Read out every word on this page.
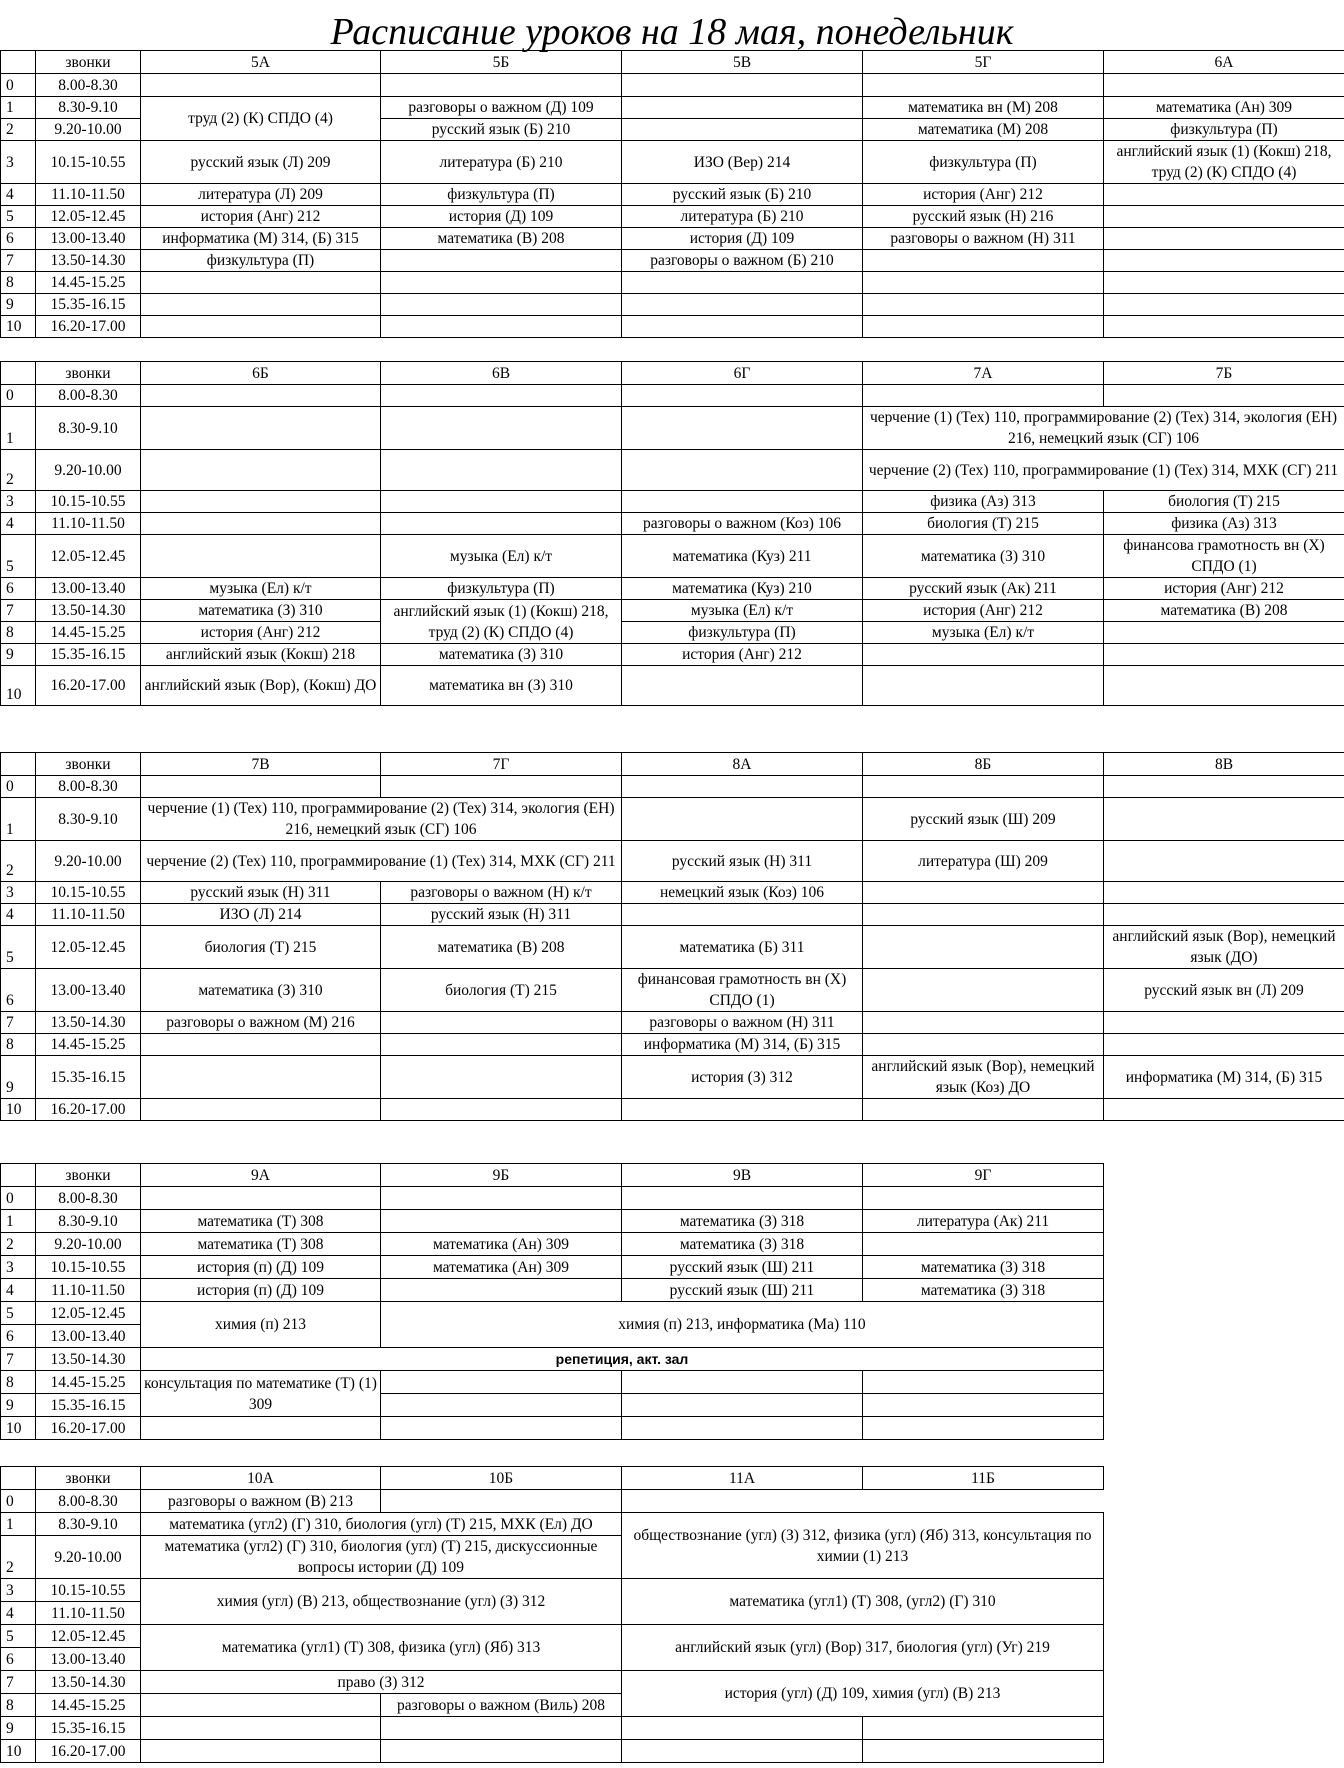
Расписание уроков на 18 мая, понедельник
	звонки	5А	5Б	5В	5Г	6А
0	8.00-8.30					
1	8.30-9.10	труд (2) (К) СПДО (4)	разговоры о важном (Д) 109		математика вн (М) 208	математика (Ан) 309
2	9.20-10.00		русский язык (Б) 210		математика (М) 208	физкультура (П)
3	10.15-10.55	русский язык (Л) 209	литература (Б) 210	ИЗО (Вер) 214	физкультура (П)	английский язык (1) (Кокш) 218, труд (2) (К) СПДО (4)
4	11.10-11.50	литература (Л) 209	физкультура (П)	русский язык (Б) 210	история (Анг) 212	
5	12.05-12.45	история (Анг) 212	история (Д) 109	литература (Б) 210	русский язык (Н) 216	
6	13.00-13.40	информатика (М) 314, (Б) 315	математика (В) 208	история (Д) 109	разговоры о важном (Н) 311	
7	13.50-14.30	физкультура (П)		разговоры о важном (Б) 210		
8	14.45-15.25					
9	15.35-16.15					
10	16.20-17.00					
	звонки	6Б	6В	6Г	7А	7Б
0	8.00-8.30					
1	8.30-9.10				черчение (1) (Тех) 110, программирование (2) (Тех) 314, экология (ЕН) 216, немецкий язык (СГ) 106	
2	9.20-10.00				черчение (2) (Тех) 110, программирование (1) (Тех) 314, МХК (СГ) 211	
3	10.15-10.55				физика (Аз) 313	биология (Т) 215
4	11.10-11.50			разговоры о важном (Коз) 106	биология (Т) 215	физика (Аз) 313
5	12.05-12.45		музыка (Ел) к/т	математика (Куз) 211	математика (З) 310	финансова грамотность вн (Х) СПДО (1)
6	13.00-13.40	музыка (Ел) к/т	физкультура (П)	математика (Куз) 210	русский язык (Ак) 211	история (Анг) 212
7	13.50-14.30	математика (З) 310	английский язык (1) (Кокш) 218, труд (2) (К) СПДО (4)	музыка (Ел) к/т	история (Анг) 212	математика (В) 208
8	14.45-15.25	история (Анг) 212		физкультура (П)	музыка (Ел) к/т	
9	15.35-16.15	английский язык (Кокш) 218	математика (З) 310	история (Анг) 212		
10	16.20-17.00	английский язык (Вор), (Кокш) ДО	математика вн (З) 310			
	звонки	7В	7Г	8А	8Б	8В
0	8.00-8.30					
1	8.30-9.10	черчение (1) (Тех) 110, программирование (2) (Тех) 314, экология (ЕН) 216, немецкий язык (СГ) 106			русский язык (Ш) 209	
2	9.20-10.00	черчение (2) (Тех) 110, программирование (1) (Тех) 314, МХК (СГ) 211		русский язык (Н) 311	литература (Ш) 209	
3	10.15-10.55	русский язык (Н) 311	разговоры о важном (Н) к/т	немецкий язык (Коз) 106		
4	11.10-11.50	ИЗО (Л) 214	русский язык (Н) 311			
5	12.05-12.45	биология (Т) 215	математика (В) 208	математика (Б) 311		английский язык (Вор), немецкий язык (ДО)
6	13.00-13.40	математика (З) 310	биология (Т) 215	финансовая грамотность вн (Х) СПДО (1)		русский язык вн (Л) 209
7	13.50-14.30	разговоры о важном (М) 216		разговоры о важном (Н) 311		
8	14.45-15.25			информатика (М) 314, (Б) 315		
9	15.35-16.15			история (З) 312	английский язык (Вор), немецкий язык (Коз) ДО	информатика (М) 314, (Б) 315
10	16.20-17.00					
	звонки	9А	9Б	9В	9Г
0	8.00-8.30				
1	8.30-9.10	математика (Т) 308		математика (З) 318	литература (Ак) 211
2	9.20-10.00	математика (Т) 308	математика (Ан) 309	математика (З) 318	
3	10.15-10.55	история (п) (Д) 109	математика (Ан) 309	русский язык (Ш) 211	математика (З) 318
4	11.10-11.50	история (п) (Д) 109		русский язык (Ш) 211	математика (З) 318
5	12.05-12.45	химия (п) 213	химия (п) 213, информатика (Ма) 110		
6	13.00-13.40				
7	13.50-14.30	репетиция, акт. зал			
8	14.45-15.25	консультация по математике (Т) (1) 309			
9	15.35-16.15				
10	16.20-17.00				
	звонки	10А	10Б	11А	11Б
0	8.00-8.30	разговоры о важном (В) 213			
1	8.30-9.10	математика (угл2) (Г) 310, биология (угл) (Т) 215, МХК (Ел) ДО		обществознание (угл) (З) 312, физика (угл) (Яб) 313, консультация по химии (1) 213	
2	9.20-10.00	математика (угл2) (Г) 310, биология (угл) (Т) 215, дискуссионные вопросы истории (Д) 109			
3	10.15-10.55	химия (угл) (В) 213, обществознание (угл) (З) 312		математика (угл1) (Т) 308, (угл2) (Г) 310	
4	11.10-11.50				
5	12.05-12.45	математика (угл1) (Т) 308, физика (угл) (Яб) 313		английский язык (угл) (Вор) 317, биология (угл) (Уг) 219	
6	13.00-13.40				
7	13.50-14.30	право (З) 312		история (угл) (Д) 109, химия (угл) (В) 213	
8	14.45-15.25		разговоры о важном (Виль) 208		
9	15.35-16.15				
10	16.20-17.00				
